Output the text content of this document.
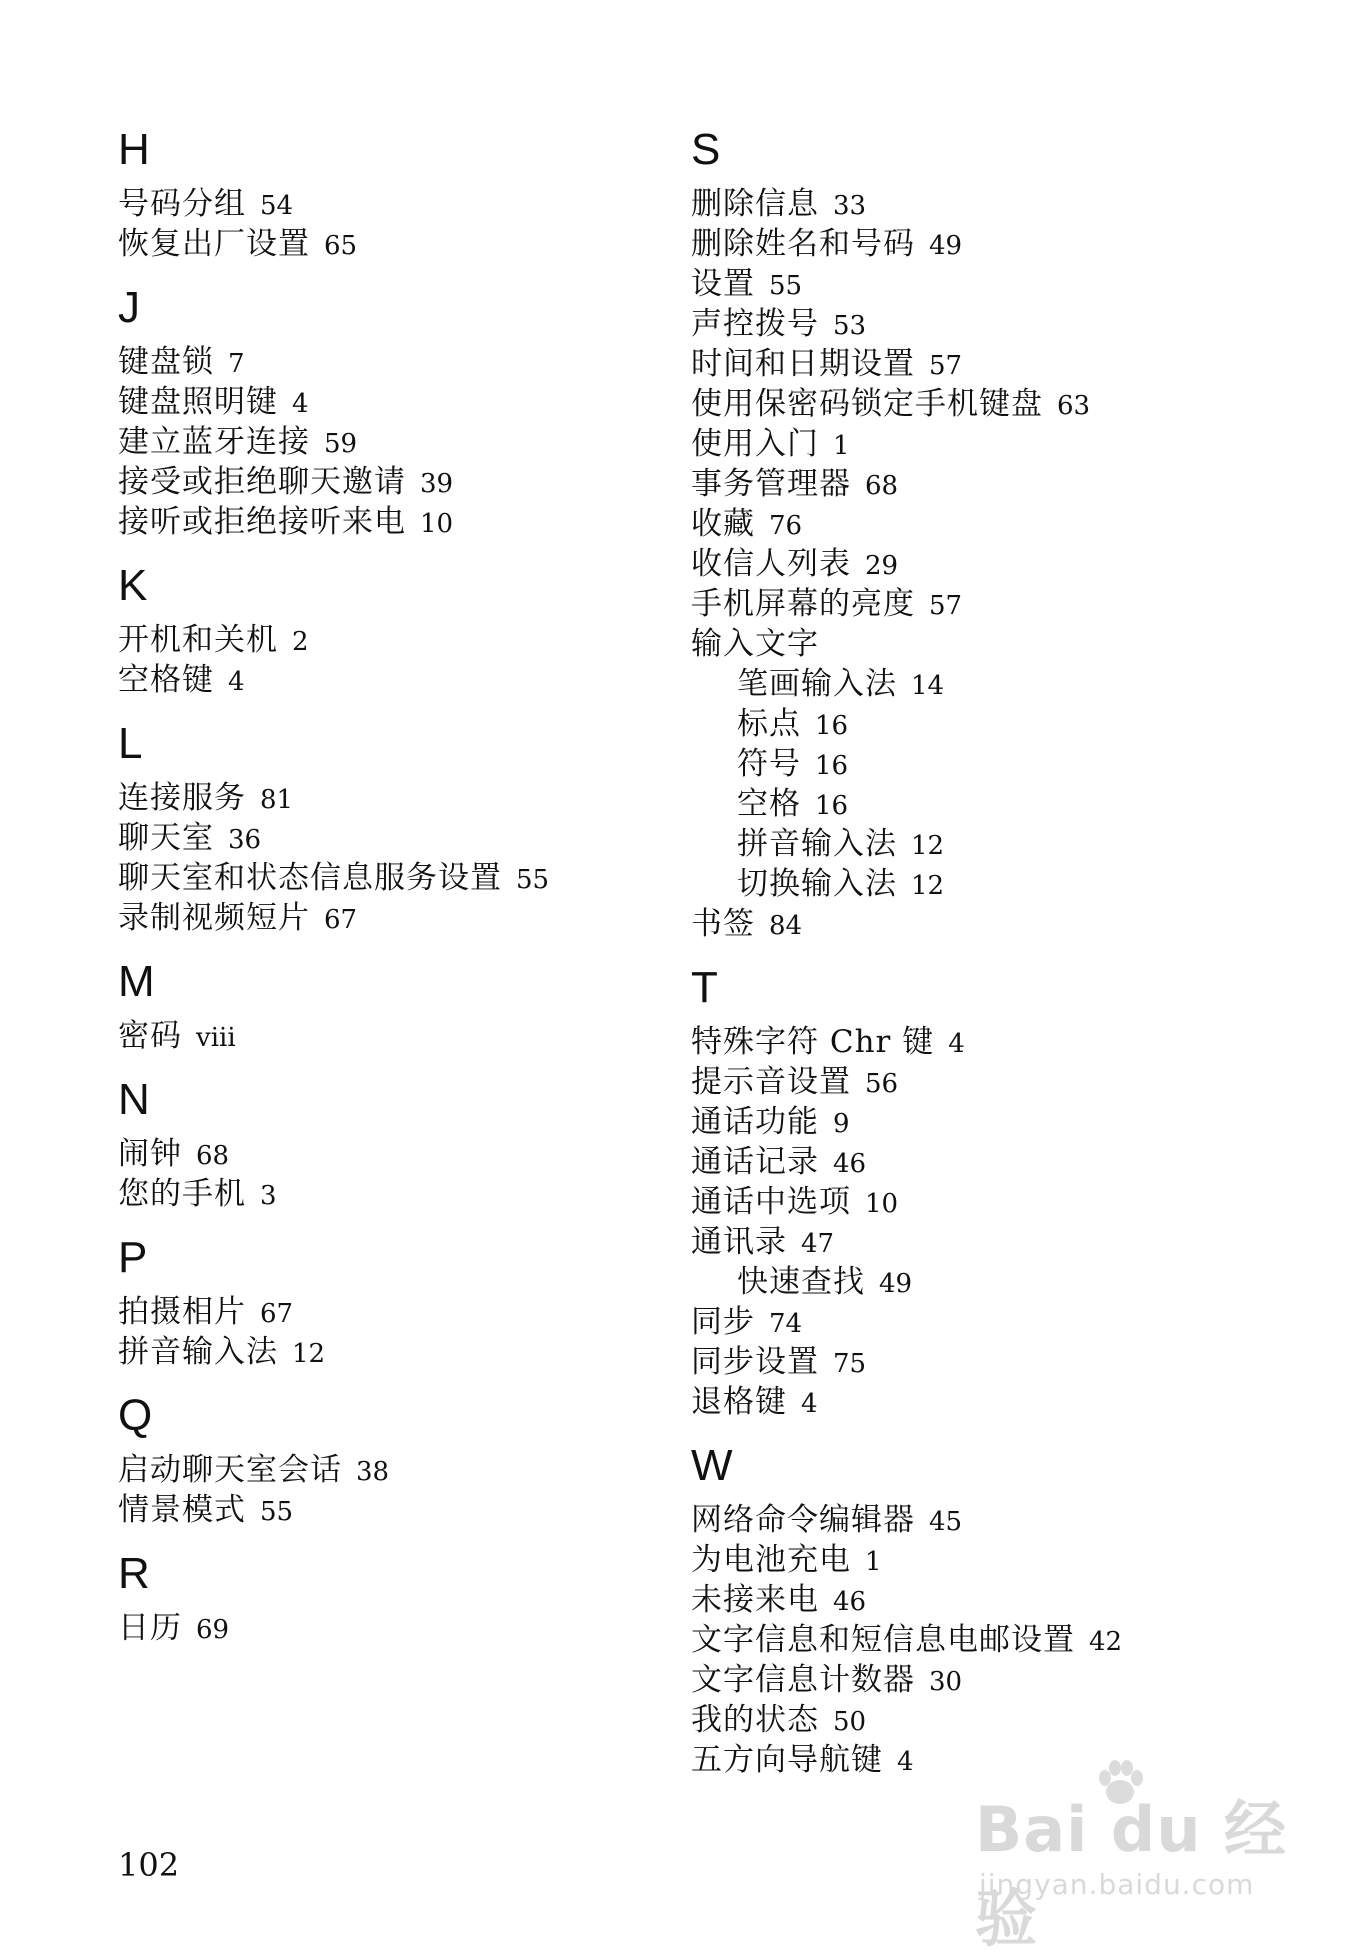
H
号码分组 54
恢复出厂设置 65
J
键盘锁 7
键盘照明键 4
建立蓝牙连接 59
接受或拒绝聊天邀请 39
接听或拒绝接听来电 10
K
开机和关机 2
空格键 4
L
连接服务 81
聊天室 36
聊天室和状态信息服务设置 55
录制视频短片 67
M
密码 viii
N
闹钟 68
您的手机 3
P
拍摄相片 67
拼音输入法 12
Q
启动聊天室会话 38
情景模式 55
R
日历 69
S
删除信息 33
删除姓名和号码 49
设置 55
声控拨号 53
时间和日期设置 57
使用保密码锁定手机键盘 63
使用入门 1
事务管理器 68
收藏 76
收信人列表 29
手机屏幕的亮度 57
输入文字
笔画输入法 14
标点 16
符号 16
空格 16
拼音输入法 12
切换输入法 12
书签 84
T
特殊字符 Chr 键 4
提示音设置 56
通话功能 9
通话记录 46
通话中选项 10
通讯录 47
快速查找 49
同步 74
同步设置 75
退格键 4
W
网络命令编辑器 45
为电池充电 1
未接来电 46
文字信息和短信息电邮设置 42
文字信息计数器 30
我的状态 50
五方向导航键 4
102	Bai du 经验
jingyan.baidu.com
